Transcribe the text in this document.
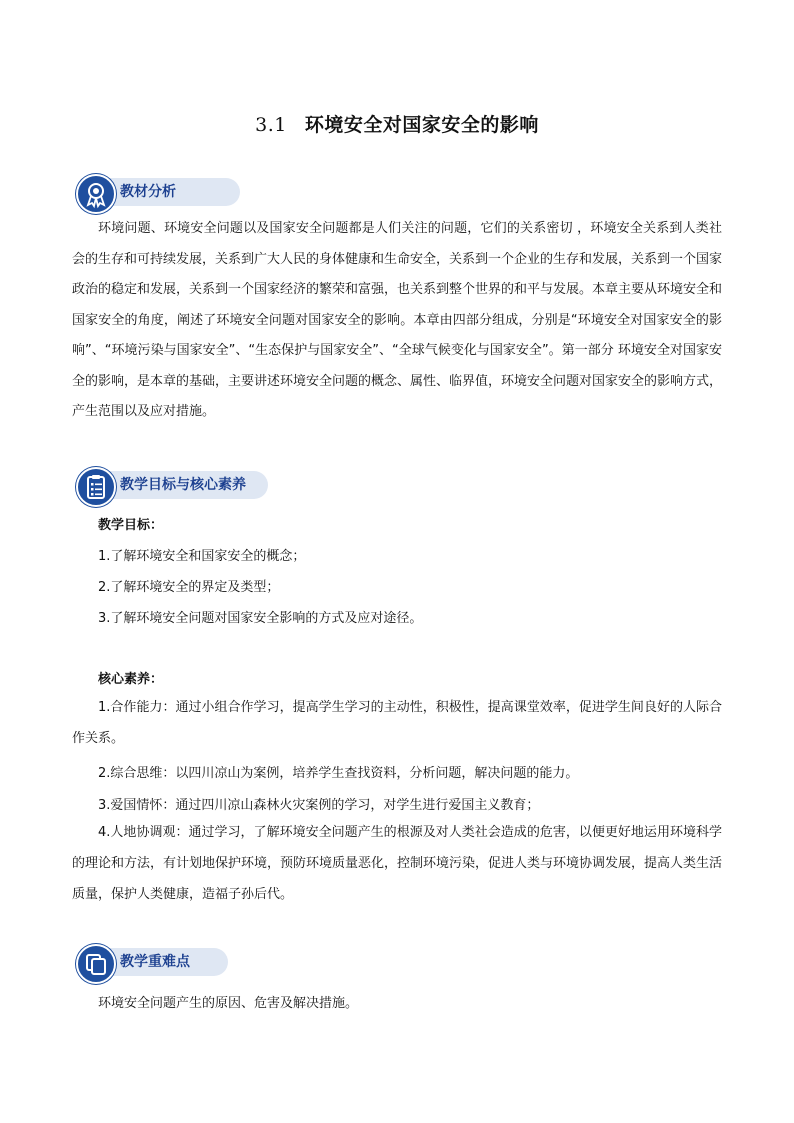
3.1 环境安全对国家安全的影响
教材分析

环境问题、环境安全问题以及国家安全问题都是人们关注的问题，它们的关系密切 ，环境安全关系到人类社会的生存和可持续发展，关系到广大人民的身体健康和生命安全，关系到一个企业的生存和发展，关系到一个国家政治的稳定和发展，关系到一个国家经济的繁荣和富强，也关系到整个世界的和平与发展。本章主要从环境安全和国家安全的角度，阐述了环境安全问题对国家安全的影响。本章由四部分组成，分别是“环境安全对国家安全的影响”、“环境污染与国家安全”、“生态保护与国家安全”、“全球气候变化与国家安全”。第一部分 环境安全对国家安全的影响，是本章的基础，主要讲述环境安全问题的概念、属性、临界值，环境安全问题对国家安全的影响方式，产生范围以及应对措施。

教学目标与核心素养
教学目标：
1.了解环境安全和国家安全的概念；
2.了解环境安全的界定及类型；
3.了解环境安全问题对国家安全影响的方式及应对途径。
核心素养：

1.合作能力：通过小组合作学习，提高学生学习的主动性，积极性，提高课堂效率，促进学生间良好的人际合作关系。

2.综合思维：以四川凉山为案例，培养学生查找资料，分析问题，解决问题的能力。
3.爱国情怀：通过四川凉山森林火灾案例的学习，对学生进行爱国主义教育；

4.人地协调观：通过学习，了解环境安全问题产生的根源及对人类社会造成的危害，以便更好地运用环境科学的理论和方法，有计划地保护环境，预防环境质量恶化，控制环境污染，促进人类与环境协调发展，提高人类生活质量，保护人类健康，造福子孙后代。

教学重难点
环境安全问题产生的原因、危害及解决措施。
